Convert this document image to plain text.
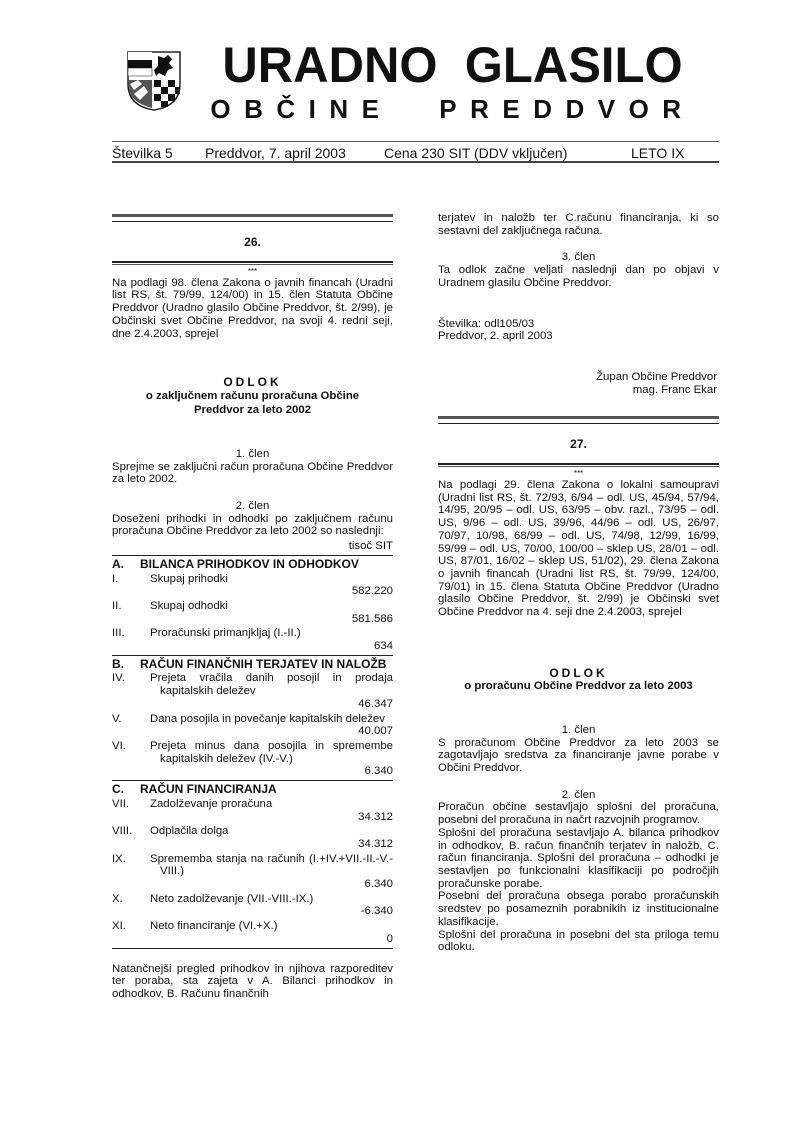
URADNO GLASILO
OBČINE PREDDVOR
Številka 5 Preddvor, 7. april 2003	Cena 230 SIT (DDV vključen)	LETO IX
26.
***
Na podlagi 98. člena Zakona o javnih financah (Uradni list RS, št. 79/99, 124/00) in 15. člen Statuta Občine Preddvor (Uradno glasilo Občine Preddvor, št. 2/99), je Občinski svet Občine Preddvor, na svoji 4. redni seji, dne 2.4.2003, sprejel
ODLOK
o zaključnem računu proračuna Občine
Preddvor za leto 2002
1. člen
Sprejme se zaključni račun proračuna Občine Preddvor za leto 2002.
2. člen
Doseženi prihodki in odhodki po zaključnem računu proračuna Občine Preddvor za leto 2002 so naslednji:
tisoč SIT
A. BILANCA PRIHODKOV IN ODHODKOV
I.	Skupaj prihodki
582.220
II.	Skupaj odhodki
581.586
III. Proračunski primanjkljaj (I.-II.)
634
B. RAČUN FINANČNIH TERJATEV IN NALOŽB
IV. Prejeta vračila danih posojil in prodaja kapitalskih deležev
46.347
V. Dana posojila in povečanje kapitalskih deležev
40.007
VI. Prejeta minus dana posojila in spremembe kapitalskih deležev (IV.-V.)
6.340
C. RAČUN FINANCIRANJA
VII. Zadolževanje proračuna
34.312
VIII. Odplačila dolga
34.312
IX. Sprememba stanja na računih (I.+IV.+VII.-II.-V.-VIII.)
6.340
X. Neto zadolževanje (VII.-VIII.-IX.)
-6.340
XI. Neto financiranje (VI.+X.)
0
Natančnejši pregled prihodkov in njihova razporeditev ter poraba, sta zajeta v A. Bilanci prihodkov in odhodkov, B. Računu finančnih
terjatev in naložb ter C.računu financiranja, ki so sestavni del zaključnega računa.
3. člen
Ta odlok začne veljati naslednji dan po objavi v Uradnem glasilu Občine Preddvor.
Številka: odl105/03
Preddvor, 2. april 2003
Župan Občine Preddvor
mag. Franc Ekar
27.
***
Na podlagi 29. člena Zakona o lokalni samoupravi (Uradni list RS, št. 72/93, 6/94 – odl. US, 45/94, 57/94, 14/95, 20/95 – odl. US, 63/95 – obv. razl., 73/95 – odl. US, 9/96 – odl. US, 39/96, 44/96 – odl. US, 26/97, 70/97, 10/98, 68/99 – odl. US, 74/98, 12/99, 16/99, 59/99 – odl. US, 70/00, 100/00 – sklep US, 28/01 – odl. US, 87/01, 16/02 – sklep US, 51/02), 29. člena Zakona o javnih financah (Uradni list RS, št. 79/99, 124/00, 79/01) in 15. člena Statuta Občine Preddvor (Uradno glasilo Občine Preddvor, št. 2/99) je Občinski svet Občine Preddvor na 4. seji dne 2.4.2003, sprejel
ODLOK
o proračunu Občine Preddvor za leto 2003
1. člen
S proračunom Občine Preddvor za leto 2003 se zagotavljajo sredstva za financiranje javne porabe v Občini Preddvor.
2. člen
Proračun občine sestavljajo splošni del proračuna, posebni del proračuna in načrt razvojnih programov.
Splošni del proračuna sestavljajo A. bilanca prihodkov in odhodkov, B. račun finančnih terjatev in naložb, C. račun financiranja. Splošni del proračuna – odhodki je sestavljen po funkcionalni klasifikaciji po področjih proračunske porabe.
Posebni del proračuna obsega porabo proračunskih sredstev po posameznih porabnikih iz institucionalne klasifikacije.
Splošni del proračuna in posebni del sta priloga temu odloku.
